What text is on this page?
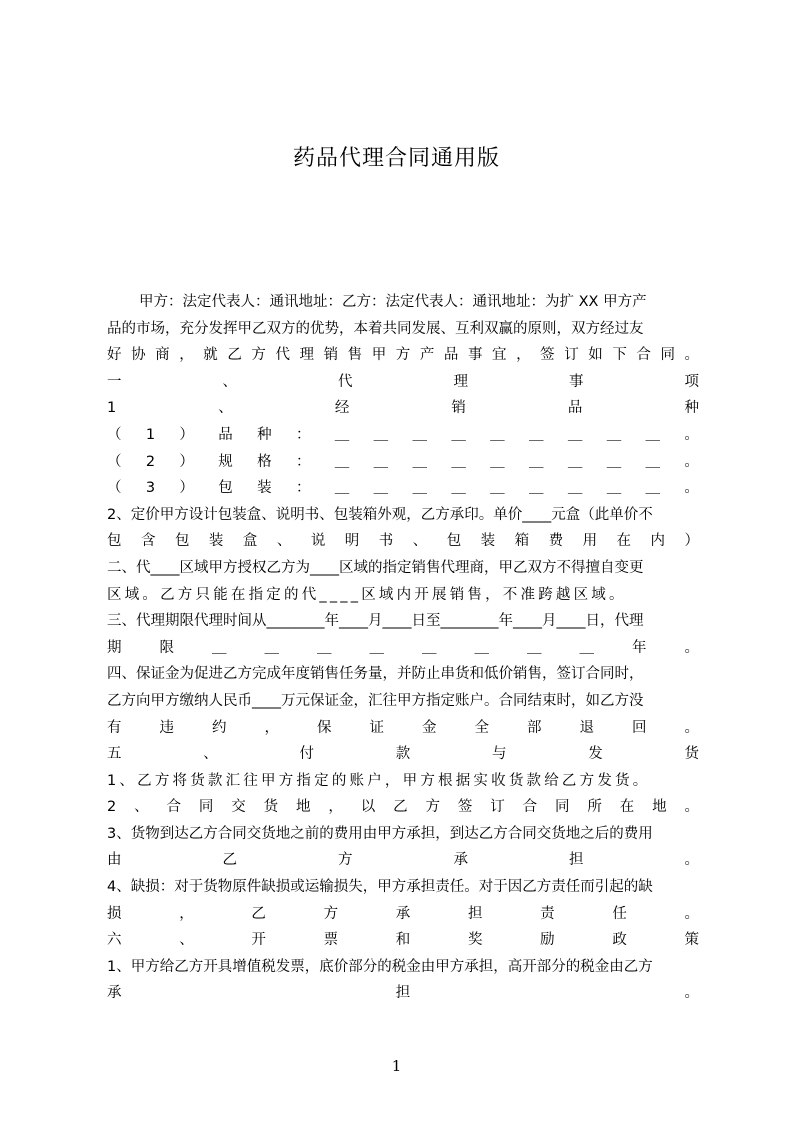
药品代理合同通用版
甲方：法定代表人：通讯地址：乙方：法定代表人：通讯地址：为扩 XX 甲方产
品的市场，充分发挥甲乙双方的优势，本着共同发展、互利双赢的原则，双方经过友
好 协 商 ， 就 乙 方 代 理 销 售 甲 方 产 品 事 宜 ， 签 订 如 下 合 同 。
一	、	代	理	事	项
1	、	经	销	品	种
（ 1 ） 品 种 ： ＿ ＿ ＿ ＿ ＿ ＿ ＿ ＿ ＿ 。
（ 2 ） 规 格 ： ＿ ＿ ＿ ＿ ＿ ＿ ＿ ＿ ＿ 。
（ 3 ） 包 装 ： ＿ ＿ ＿ ＿ ＿ ＿ ＿ ＿ ＿ 。
2、定价甲方设计包装盒、说明书、包装箱外观，乙方承印。单价____元盒（此单价不
包 含 包 装 盒 、 说 明 书 、 包 装 箱 费 用 在 内 ）
二、代____区域甲方授权乙方为____区域的指定销售代理商，甲乙双方不得擅自变更
区域。乙方只能在指定的代____区域内开展销售，不准跨越区域。
三、代理期限代理时间从________年____月____日至________年____月____日，代理
期	限	＿	＿	＿	＿	＿	＿	＿	＿	年	。
四、保证金为促进乙方完成年度销售任务量，并防止串货和低价销售，签订合同时，
乙方向甲方缴纳人民币____万元保证金，汇往甲方指定账户。合同结束时，如乙方没
有	违	约	，	保	证	金	全	部	退	回	。
五	、	付	款	与	发	货
1、乙方将货款汇往甲方指定的账户，甲方根据实收货款给乙方发货。
2 、 合 同 交 货 地 ， 以 乙 方 签 订 合 同 所 在 地 。
3、货物到达乙方合同交货地之前的费用由甲方承担，到达乙方合同交货地之后的费用
由	乙	方	承	担	。
4、缺损：对于货物原件缺损或运输损失，甲方承担责任。对于因乙方责任而引起的缺
损	，	乙	方	承	担	责	任	。
六	、	开	票	和	奖	励	政	策
1、甲方给乙方开具增值税发票，底价部分的税金由甲方承担，高开部分的税金由乙方
承	担	。
1
